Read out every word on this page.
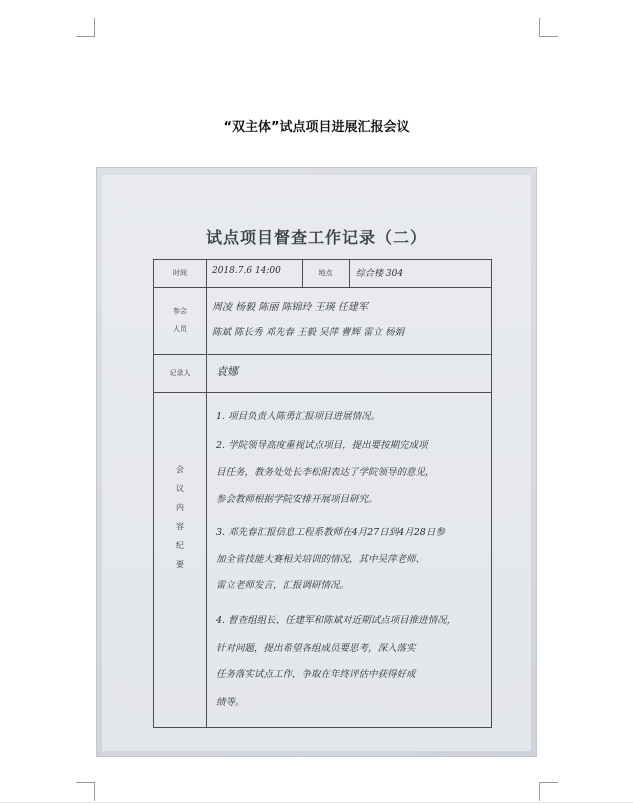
“双主体”试点项目进展汇报会议
试点项目督查工作记录（二）
时间	地点
参会
人员
记录人
会
议
内
容
纪
要
2018.7.6 14:00	综合楼 304
周凌 杨毅 陈丽 陈锦玲 王瑛 任建军
陈斌 陈长秀 邓先春 王毅 吴萍 曹辉 雷立 杨娟
袁娜
1. 项目负责人陈勇汇报项目进展情况。
2. 学院领导高度重视试点项目，提出要按期完成项
目任务，教务处处长李松阳表达了学院领导的意见，
参会教师根据学院安排开展项目研究。
3. 邓先春汇报信息工程系教师在4月27日到4月28日参
加全省技能大赛相关培训的情况，其中吴萍老师、
雷立老师发言，汇报调研情况。
4. 督查组组长、任建军和陈斌对近期试点项目推进情况，
针对问题，提出希望各组成员要思考，深入落实
任务落实试点工作，争取在年终评估中获得好成
绩等。
